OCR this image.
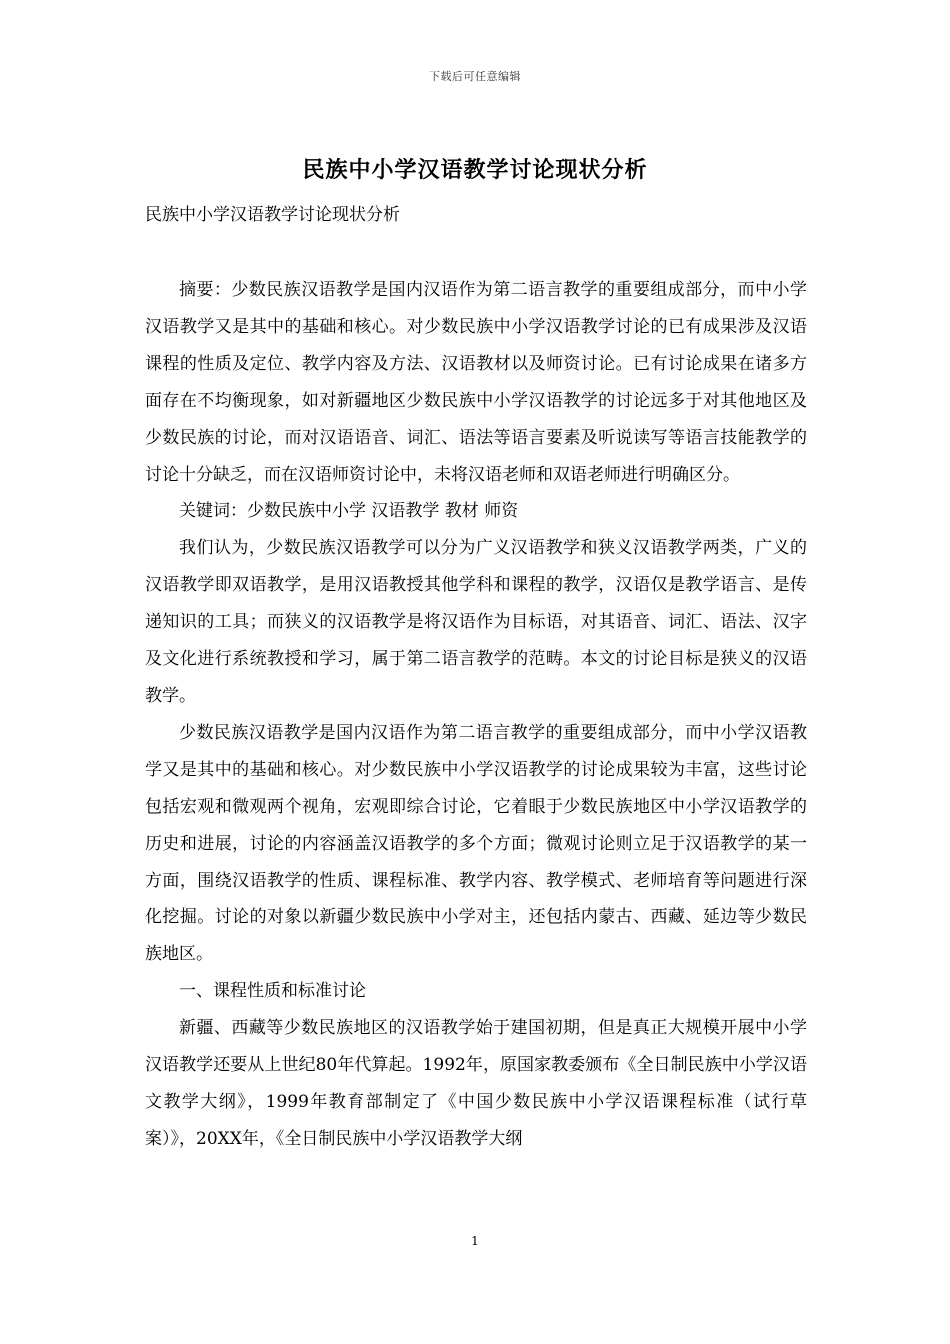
下载后可任意编辑
民族中小学汉语教学讨论现状分析

民族中小学汉语教学讨论现状分析

摘要：少数民族汉语教学是国内汉语作为第二语言教学的重要组成部分，而中小学汉语教学又是其中的基础和核心。对少数民族中小学汉语教学讨论的已有成果涉及汉语课程的性质及定位、教学内容及方法、汉语教材以及师资讨论。已有讨论成果在诸多方面存在不均衡现象，如对新疆地区少数民族中小学汉语教学的讨论远多于对其他地区及少数民族的讨论，而对汉语语音、词汇、语法等语言要素及听说读写等语言技能教学的讨论十分缺乏，而在汉语师资讨论中，未将汉语老师和双语老师进行明确区分。

关键词：少数民族中小学 汉语教学 教材 师资

我们认为，少数民族汉语教学可以分为广义汉语教学和狭义汉语教学两类，广义的汉语教学即双语教学，是用汉语教授其他学科和课程的教学，汉语仅是教学语言、是传递知识的工具；而狭义的汉语教学是将汉语作为目标语，对其语音、词汇、语法、汉字及文化进行系统教授和学习，属于第二语言教学的范畴。本文的讨论目标是狭义的汉语教学。

少数民族汉语教学是国内汉语作为第二语言教学的重要组成部分，而中小学汉语教学又是其中的基础和核心。对少数民族中小学汉语教学的讨论成果较为丰富，这些讨论包括宏观和微观两个视角，宏观即综合讨论，它着眼于少数民族地区中小学汉语教学的历史和进展，讨论的内容涵盖汉语教学的多个方面；微观讨论则立足于汉语教学的某一方面，围绕汉语教学的性质、课程标准、教学内容、教学模式、老师培育等问题进行深化挖掘。讨论的对象以新疆少数民族中小学对主，还包括内蒙古、西藏、延边等少数民族地区。

一、课程性质和标准讨论

新疆、西藏等少数民族地区的汉语教学始于建国初期，但是真正大规模开展中小学汉语教学还要从上世纪80年代算起。1992年，原国家教委颁布《全日制民族中小学汉语文教学大纲》，1999年教育部制定了《中国少数民族中小学汉语课程标准（试行草案）》，20XX年，《全日制民族中小学汉语教学大纲

1
